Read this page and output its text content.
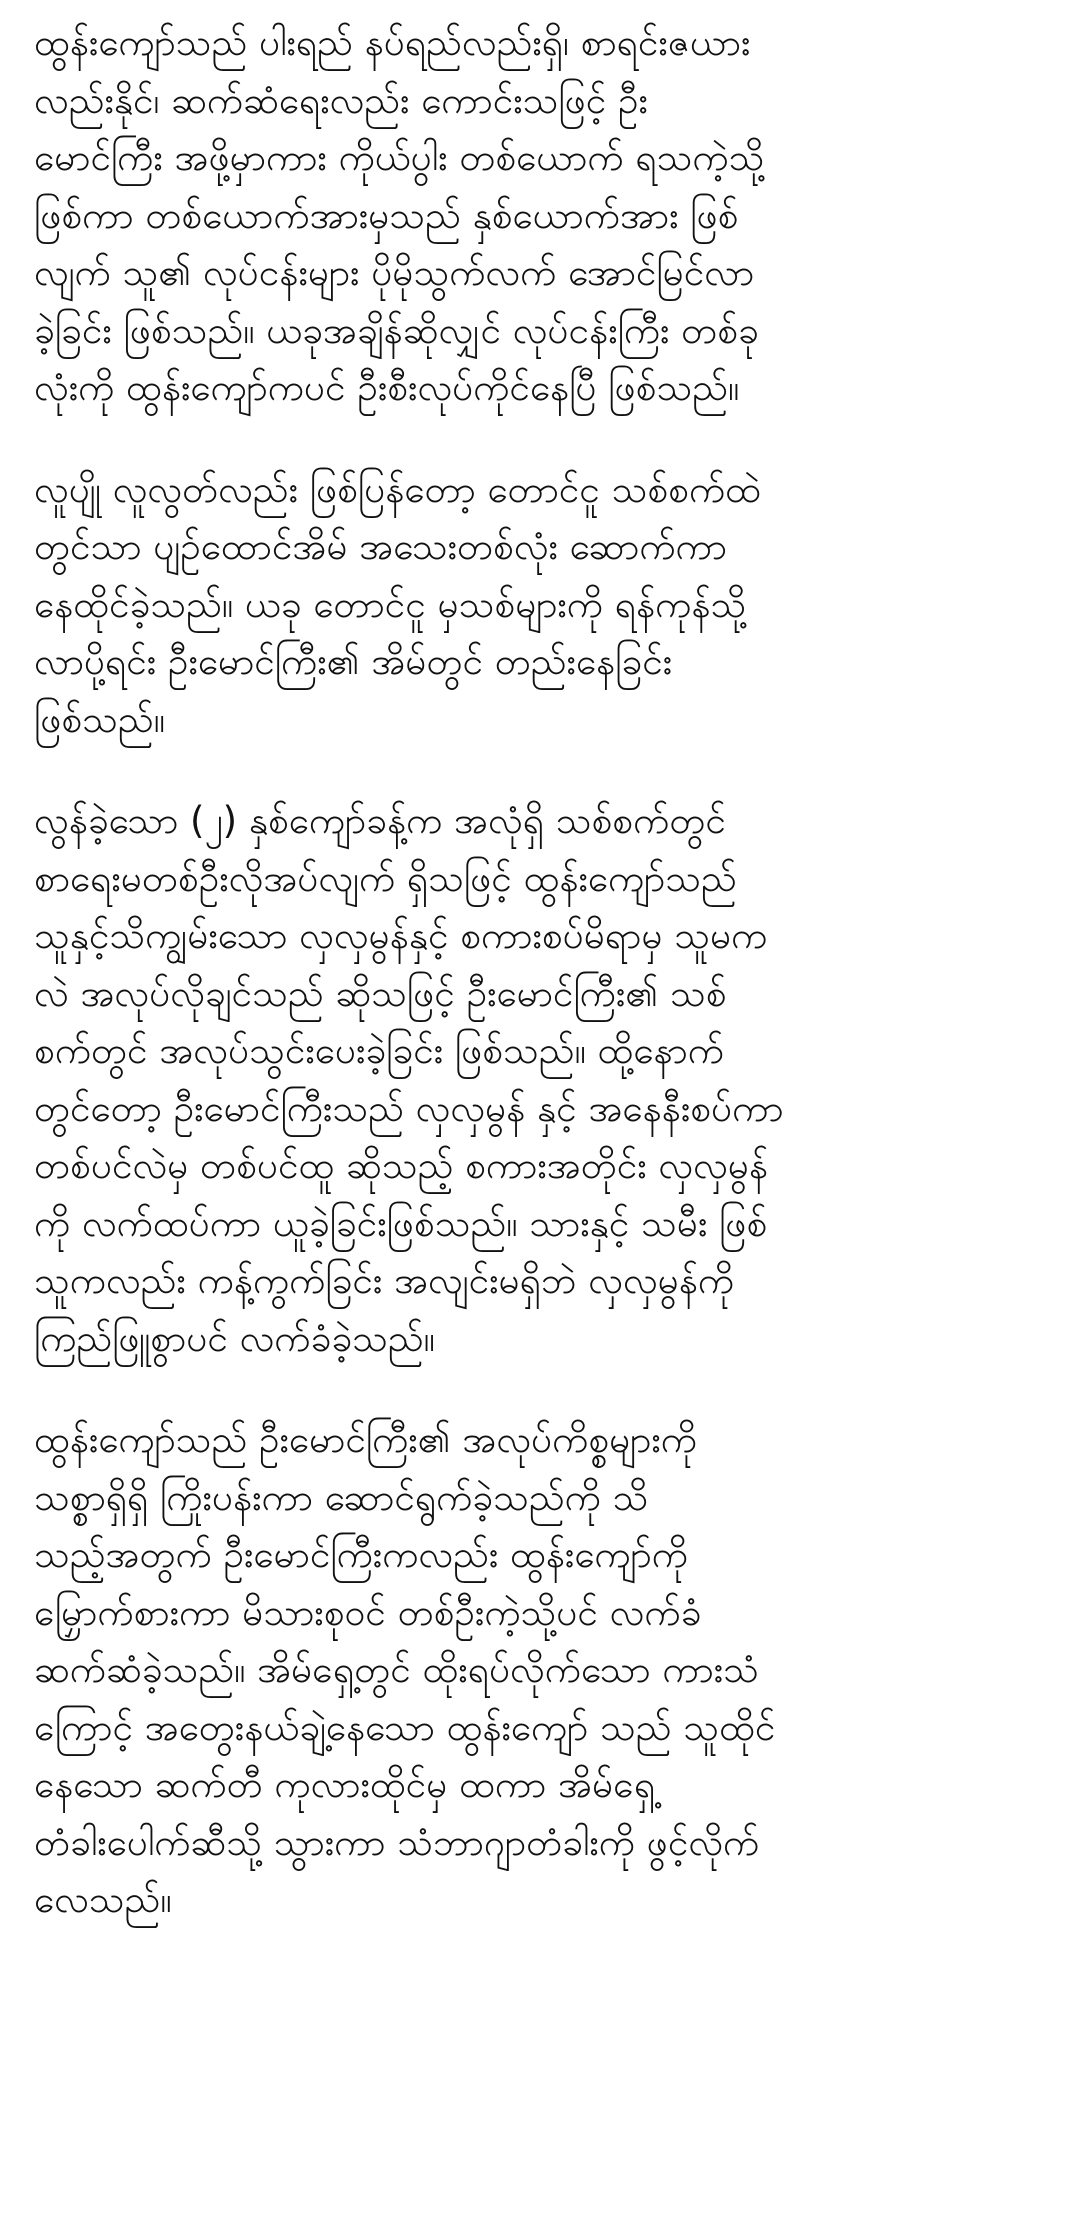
ထွန်းကျော်သည် ပါးရည် နပ်ရည်လည်းရှိ၊ စာရင်းဇယား
လည်းနိုင်၊ ဆက်ဆံရေးလည်း ကောင်းသဖြင့် ဦး
မောင်ကြီး အဖို့မှာကား ကိုယ်ပွါး တစ်ယောက် ရသကဲ့သို့
ဖြစ်ကာ တစ်ယောက်အားမှသည် နှစ်ယောက်အား ဖြစ်
လျက် သူ၏ လုပ်ငန်းများ ပိုမိုသွက်လက် အောင်မြင်လာ
ခဲ့ခြင်း ဖြစ်သည်။ ယခုအချိန်ဆိုလျှင် လုပ်ငန်းကြီး တစ်ခု
လုံးကို ထွန်းကျော်ကပင် ဦးစီးလုပ်ကိုင်နေပြီ ဖြစ်သည်။

လူပျို လူလွတ်လည်း ဖြစ်ပြန်တော့ တောင်ငူ သစ်စက်ထဲ
တွင်သာ ပျဉ်ထောင်အိမ် အသေးတစ်လုံး ဆောက်ကာ
နေထိုင်ခဲ့သည်။ ယခု တောင်ငူ မှသစ်များကို ရန်ကုန်သို့
လာပို့ရင်း ဦးမောင်ကြီး၏ အိမ်တွင် တည်းနေခြင်း
ဖြစ်သည်။

လွန်ခဲ့သော (၂) နှစ်ကျော်ခန့်က အလုံရှိ သစ်စက်တွင်
စာရေးမတစ်ဦးလိုအပ်လျက် ရှိသဖြင့် ထွန်းကျော်သည်
သူနှင့်သိကျွမ်းသော လှလှမွန်နှင့် စကားစပ်မိရာမှ သူမက
လဲ အလုပ်လိုချင်သည် ဆိုသဖြင့် ဦးမောင်ကြီး၏ သစ်
စက်တွင် အလုပ်သွင်းပေးခဲ့ခြင်း ဖြစ်သည်။ ထို့နောက်
တွင်တော့ ဦးမောင်ကြီးသည် လှလှမွန် နှင့် အနေနီးစပ်ကာ
တစ်ပင်လဲမှ တစ်ပင်ထူ ဆိုသည့် စကားအတိုင်း လှလှမွန်
ကို လက်ထပ်ကာ ယူခဲ့ခြင်းဖြစ်သည်။ သားနှင့် သမီး ဖြစ်
သူကလည်း ကန့်ကွက်ခြင်း အလျင်းမရှိဘဲ လှလှမွန်ကို
ကြည်ဖြူစွာပင် လက်ခံခဲ့သည်။

ထွန်းကျော်သည် ဦးမောင်ကြီး၏ အလုပ်ကိစ္စများကို
သစ္စာရှိရှိ ကြိုးပန်းကာ ဆောင်ရွက်ခဲ့သည်ကို သိ
သည့်အတွက် ဦးမောင်ကြီးကလည်း ထွန်းကျော်ကို
မြှောက်စားကာ မိသားစုဝင် တစ်ဦးကဲ့သို့ပင် လက်ခံ
ဆက်ဆံခဲ့သည်။ အိမ်ရှေ့တွင် ထိုးရပ်လိုက်သော ကားသံ
ကြောင့် အတွေးနယ်ချဲ့နေသော ထွန်းကျော် သည် သူထိုင်
နေသော ဆက်တီ ကုလားထိုင်မှ ထကာ အိမ်ရှေ့
တံခါးပေါက်ဆီသို့ သွားကာ သံဘာဂျာတံခါးကို ဖွင့်လိုက်
လေသည်။
